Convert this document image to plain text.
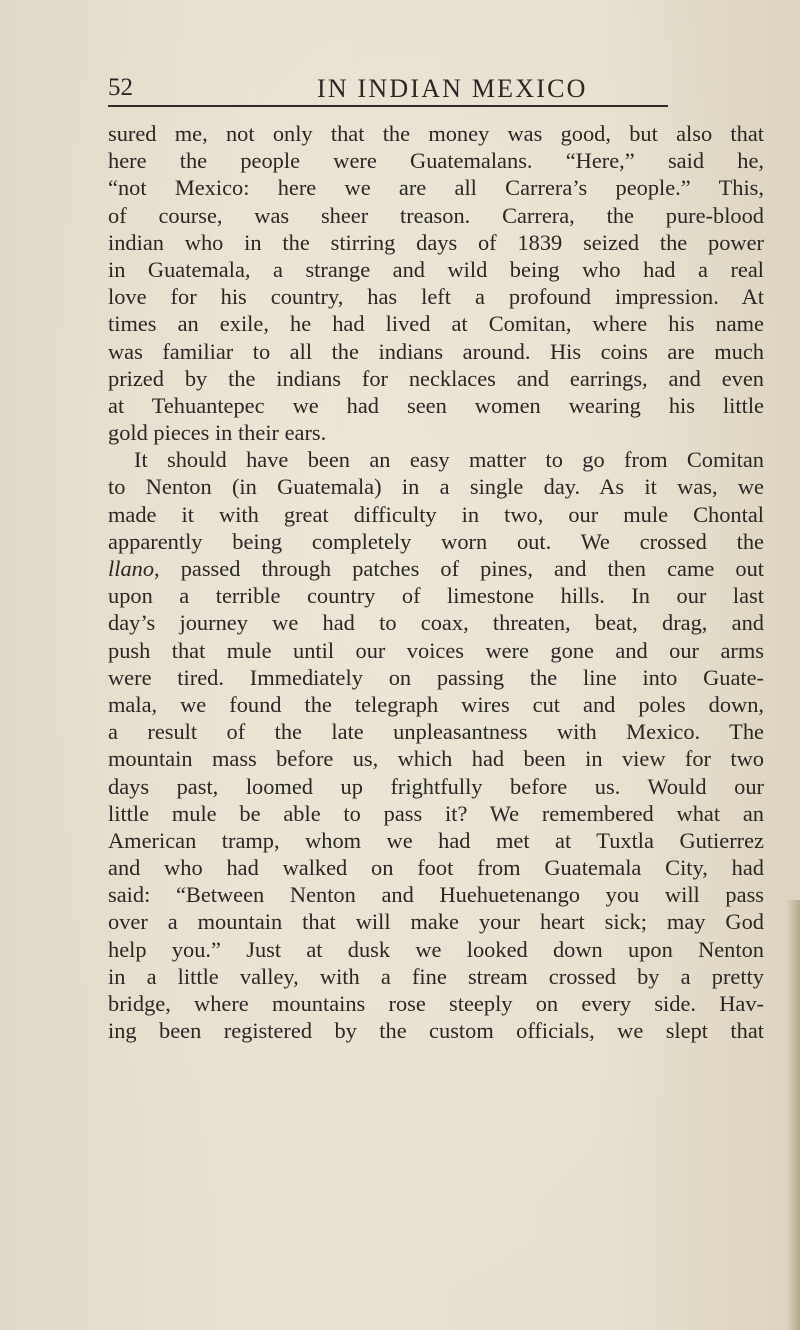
52	IN INDIAN MEXICO
sured me, not only that the money was good, but also that
here the people were Guatemalans. “Here,” said he,
“not Mexico: here we are all Carrera’s people.” This,
of course, was sheer treason. Carrera, the pure-blood
indian who in the stirring days of 1839 seized the power
in Guatemala, a strange and wild being who had a real
love for his country, has left a profound impression. At
times an exile, he had lived at Comitan, where his name
was familiar to all the indians around. His coins are much
prized by the indians for necklaces and earrings, and even
at Tehuantepec we had seen women wearing his little
gold pieces in their ears.
It should have been an easy matter to go from Comitan
to Nenton (in Guatemala) in a single day. As it was, we
made it with great difficulty in two, our mule Chontal
apparently being completely worn out. We crossed the
llano, passed through patches of pines, and then came out
upon a terrible country of limestone hills. In our last
day’s journey we had to coax, threaten, beat, drag, and
push that mule until our voices were gone and our arms
were tired. Immediately on passing the line into Guate-
mala, we found the telegraph wires cut and poles down,
a result of the late unpleasantness with Mexico. The
mountain mass before us, which had been in view for two
days past, loomed up frightfully before us. Would our
little mule be able to pass it? We remembered what an
American tramp, whom we had met at Tuxtla Gutierrez
and who had walked on foot from Guatemala City, had
said: “Between Nenton and Huehuetenango you will pass
over a mountain that will make your heart sick; may God
help you.” Just at dusk we looked down upon Nenton
in a little valley, with a fine stream crossed by a pretty
bridge, where mountains rose steeply on every side. Hav-
ing been registered by the custom officials, we slept that
